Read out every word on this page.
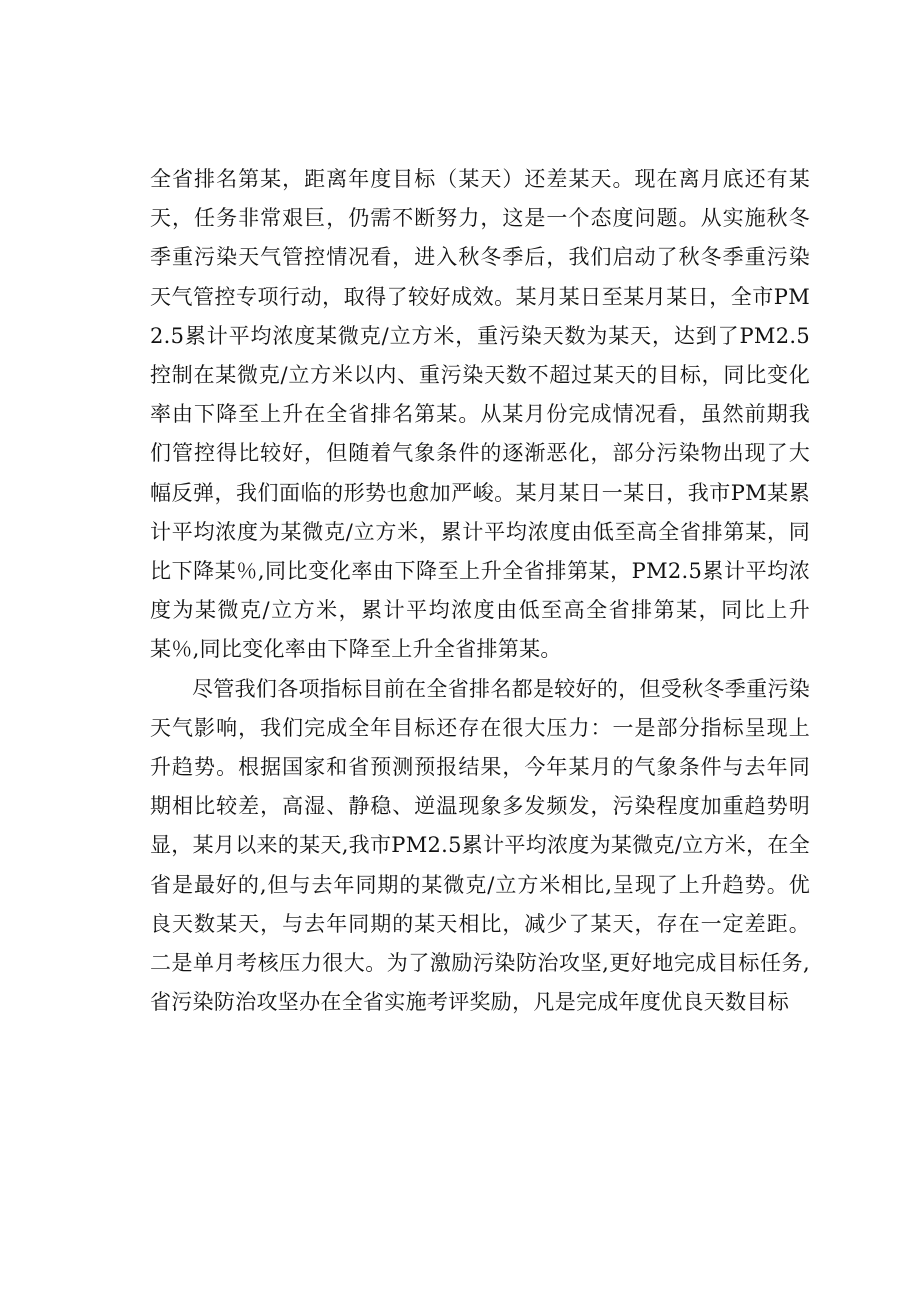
全省排名第某，距离年度目标（某天）还差某天。现在离月底还有某天，任务非常艰巨，仍需不断努力，这是一个态度问题。从实施秋冬季重污染天气管控情况看，进入秋冬季后，我们启动了秋冬季重污染天气管控专项行动，取得了较好成效。某月某日至某月某日，全市PM2.5累计平均浓度某微克/立方米，重污染天数为某天，达到了PM2.5控制在某微克/立方米以内、重污染天数不超过某天的目标，同比变化率由下降至上升在全省排名第某。从某月份完成情况看，虽然前期我们管控得比较好，但随着气象条件的逐渐恶化，部分污染物出现了大幅反弹，我们面临的形势也愈加严峻。某月某日一某日，我市PM某累计平均浓度为某微克/立方米，累计平均浓度由低至高全省排第某，同比下降某％,同比变化率由下降至上升全省排第某，PM2.5累计平均浓度为某微克/立方米，累计平均浓度由低至高全省排第某，同比上升某％,同比变化率由下降至上升全省排第某。

尽管我们各项指标目前在全省排名都是较好的，但受秋冬季重污染天气影响，我们完成全年目标还存在很大压力：一是部分指标呈现上升趋势。根据国家和省预测预报结果，今年某月的气象条件与去年同期相比较差，高湿、静稳、逆温现象多发频发，污染程度加重趋势明显，某月以来的某天,我市PM2.5累计平均浓度为某微克/立方米，在全省是最好的,但与去年同期的某微克/立方米相比,呈现了上升趋势。优良天数某天，与去年同期的某天相比，减少了某天，存在一定差距。二是单月考核压力很大。为了激励污染防治攻坚,更好地完成目标任务,省污染防治攻坚办在全省实施考评奖励，凡是完成年度优良天数目标
